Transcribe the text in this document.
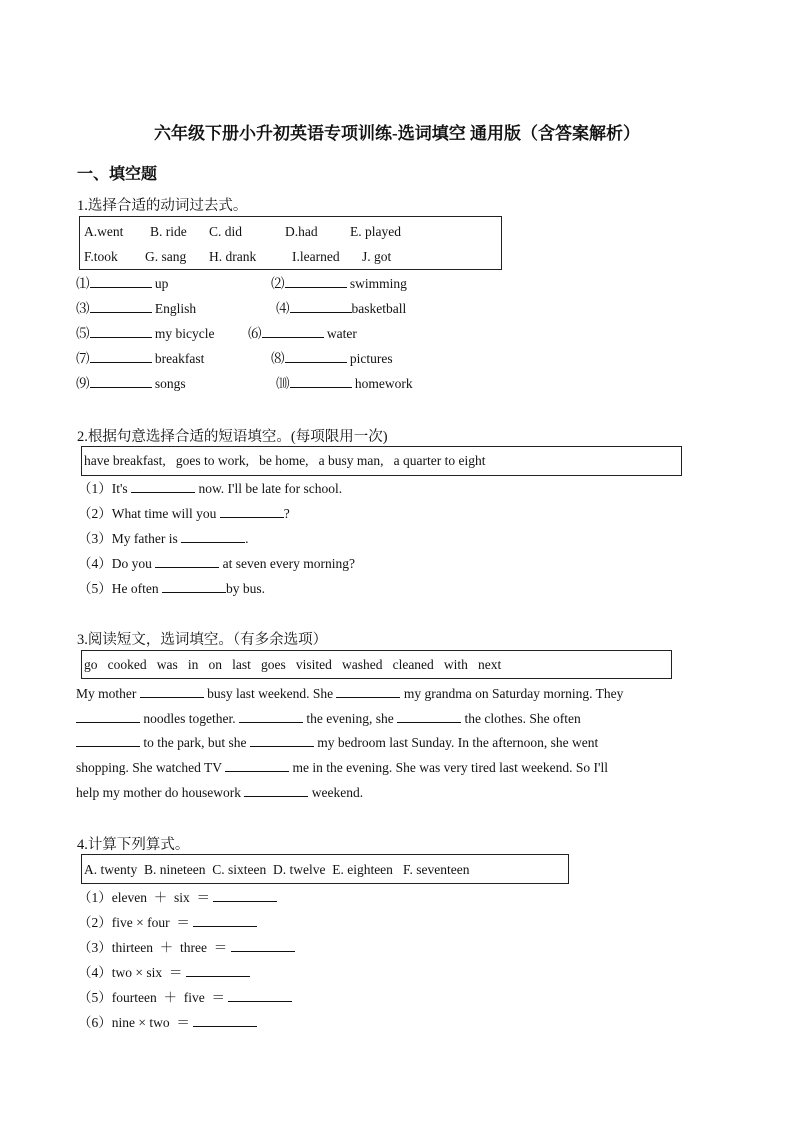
六年级下册小升初英语专项训练-选词填空 通用版（含答案解析）
一、填空题
1.选择合适的动词过去式。
A.went B. ride C. did	D.had E. played
F.took G. sang H. drank	I.learned J. got
⑴	up	⑵	swimming
⑶	English	⑷	basketball
⑸	my bicycle ⑹	water
⑺	breakfast	⑻	pictures
⑼	songs	⑽	homework
2.根据句意选择合适的短语填空。(每项限用一次)
have breakfast,   goes to work,   be home,   a busy man,   a quarter to eight
（1）It's	now. I'll be late for school.
（2）What time will you	?
（3）My father is	.
（4）Do you	at seven every morning?
（5）He often	by bus.
3.阅读短文，选词填空。（有多余选项）
go   cooked   was   in   on   last   goes   visited   washed   cleaned   with   next
My mother	busy last weekend. She	my grandma on Saturday morning. They
noodles together.	the evening, she	the clothes. She often
to the park, but she	my bedroom last Sunday. In the afternoon, she went
shopping. She watched TV	me in the evening. She was very tired last weekend. So I'll
help my mother do housework	weekend.
4.计算下列算式。
A. twenty  B. nineteen  C. sixteen  D. twelve  E. eighteen   F. seventeen
（1）eleven  ＋  six  ＝
（2）five × four  ＝
（3）thirteen  ＋  three  ＝
（4）two × six  ＝
（5）fourteen  ＋  five  ＝
（6）nine × two  ＝
